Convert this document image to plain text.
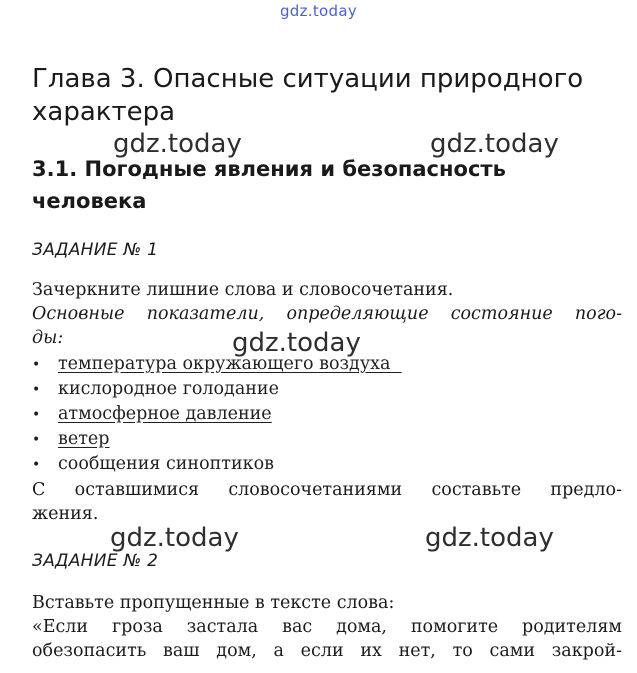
gdz.today
Глава 3. Опасные ситуации природного характера
gdz.today	gdz.today
3.1. Погодные явления и безопасность человека
ЗАДАНИЕ № 1
Зачеркните лишние слова и словосочетания.
Основные показатели, определяющие состояние пого-
ды:	gdz.today
• температура окружающего воздуха
• кислородное голодание
• атмосферное давление
• ветер
• сообщения синоптиков
С оставшимися словосочетаниями составьте предло-
жения.
gdz.today	gdz.today
ЗАДАНИЕ № 2
Вставьте пропущенные в тексте слова:
«Если гроза застала вас дома, помогите родителям
обезопасить ваш дом, а если их нет, то сами закрой-
